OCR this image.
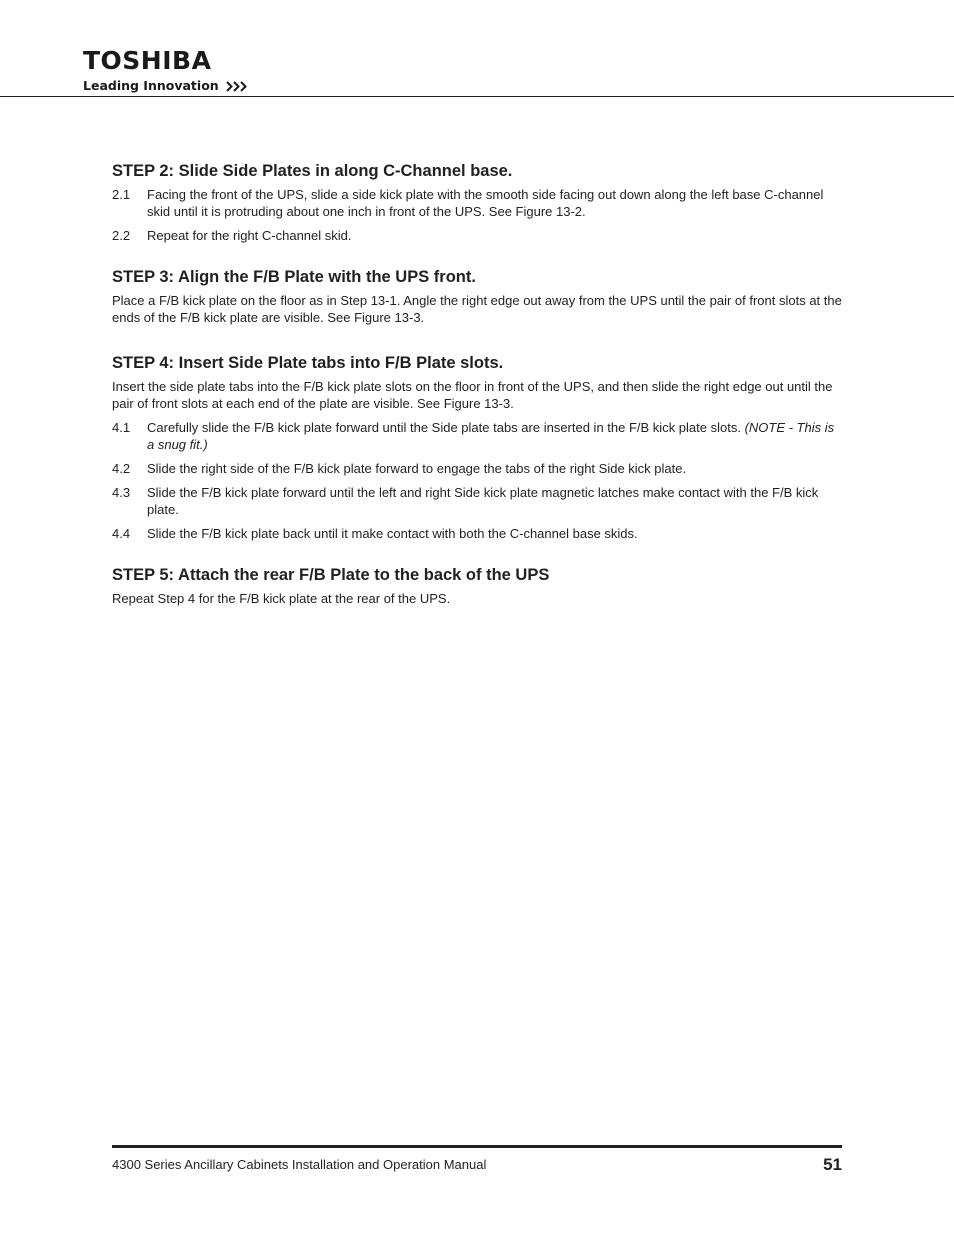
TOSHIBA
Leading Innovation
STEP 2: Slide Side Plates in along C-Channel base.
2.1	Facing the front of the UPS, slide a side kick plate with the smooth side facing out down along the left base C-channel skid until it is protruding about one inch in front of the UPS. See Figure 13-2.
2.2	Repeat for the right C-channel skid.
STEP 3: Align the F/B Plate with the UPS front.
Place a F/B kick plate on the floor as in Step 13-1. Angle the right edge out away from the UPS until the pair of front slots at the ends of the F/B kick plate are visible. See Figure 13-3.
STEP 4: Insert Side Plate tabs into F/B Plate slots.
Insert the side plate tabs into the F/B kick plate slots on the floor in front of the UPS, and then slide the right edge out until the pair of front slots at each end of the plate are visible. See Figure 13-3.
4.1	Carefully slide the F/B kick plate forward until the Side plate tabs are inserted in the F/B kick plate slots. (NOTE - This is a snug fit.)
4.2	Slide the right side of the F/B kick plate forward to engage the tabs of the right Side kick plate.
4.3	Slide the F/B kick plate forward until the left and right Side kick plate magnetic latches make contact with the F/B kick plate.
4.4	Slide the F/B kick plate back until it make contact with both the C-channel base skids.
STEP 5: Attach the rear F/B Plate to the back of the UPS
Repeat Step 4 for the F/B kick plate at the rear of the UPS.
4300 Series Ancillary Cabinets Installation and Operation Manual	51
